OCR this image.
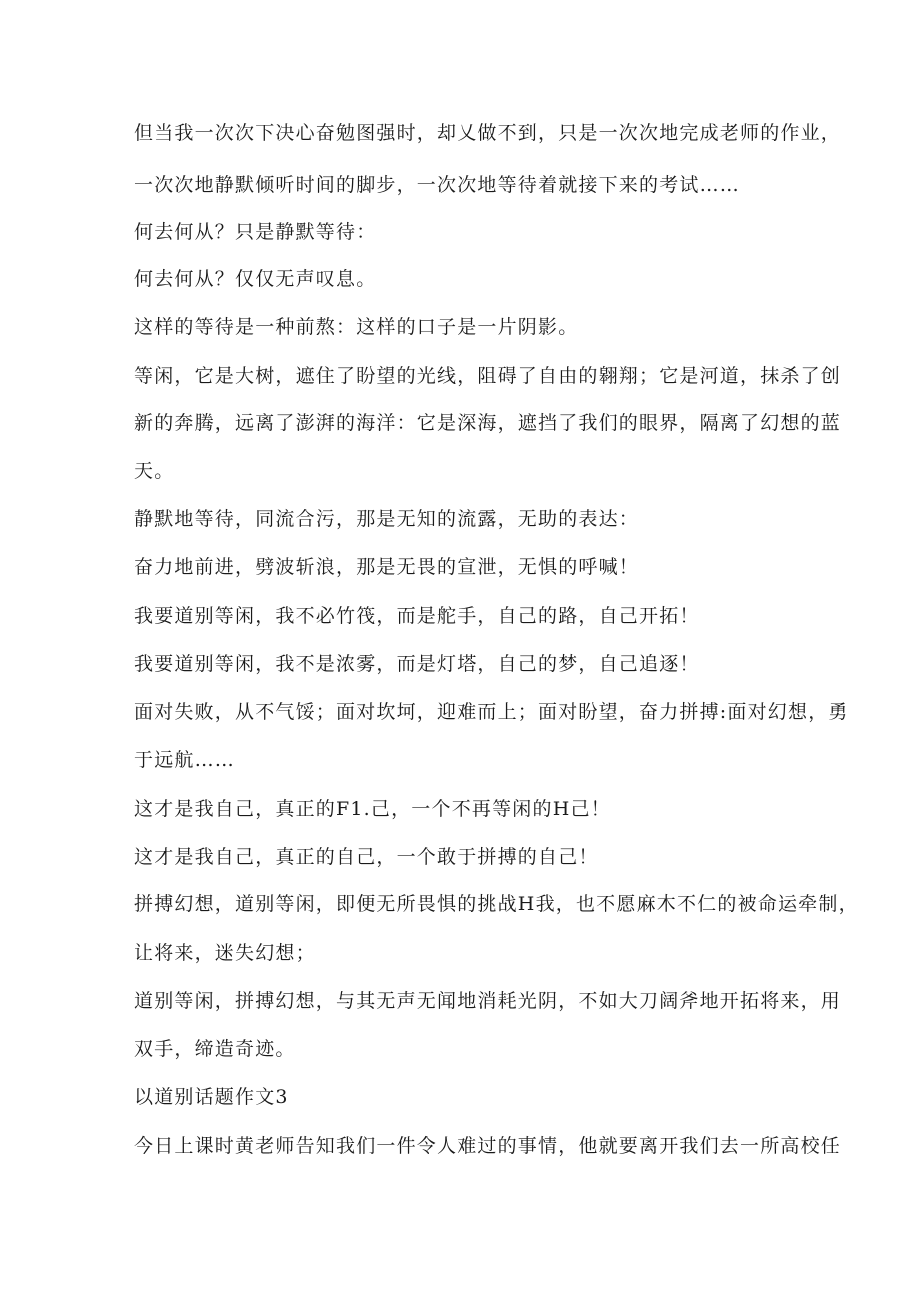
但当我一次次下决心奋勉图强时，却乂做不到，只是一次次地完成老师的作业，

一次次地静默倾听时间的脚步，一次次地等待着就接下来的考试……

何去何从？只是静默等待：

何去何从？仅仅无声叹息。

这样的等待是一种前熬：这样的口子是一片阴影。

等闲，它是大树，遮住了盼望的光线，阻碍了自由的翱翔；它是河道，抹杀了创

新的奔腾，远离了澎湃的海洋：它是深海，遮挡了我们的眼界，隔离了幻想的蓝

天。

静默地等待，同流合污，那是无知的流露，无助的表达：

奋力地前进，劈波斩浪，那是无畏的宣泄，无惧的呼喊！

我要道别等闲，我不必竹筏，而是舵手，自己的路，自己开拓！

我要道别等闲，我不是浓雾，而是灯塔，自己的梦，自己追逐！

面对失败，从不气馁；面对坎坷，迎难而上；面对盼望，奋力拼搏:面对幻想，勇

于远航……

这才是我自己，真正的F1.己，一个不再等闲的H己！

这才是我自己，真正的自己，一个敢于拼搏的自己！

拼搏幻想，道别等闲，即便无所畏惧的挑战H我，也不愿麻木不仁的被命运牵制，

让将来，迷失幻想；

道别等闲，拼搏幻想，与其无声无闻地消耗光阴，不如大刀阔斧地开拓将来，用

双手，缔造奇迹。

以道别话题作文3

今日上课时黄老师告知我们一件令人难过的事情，他就要离开我们去一所高校任
